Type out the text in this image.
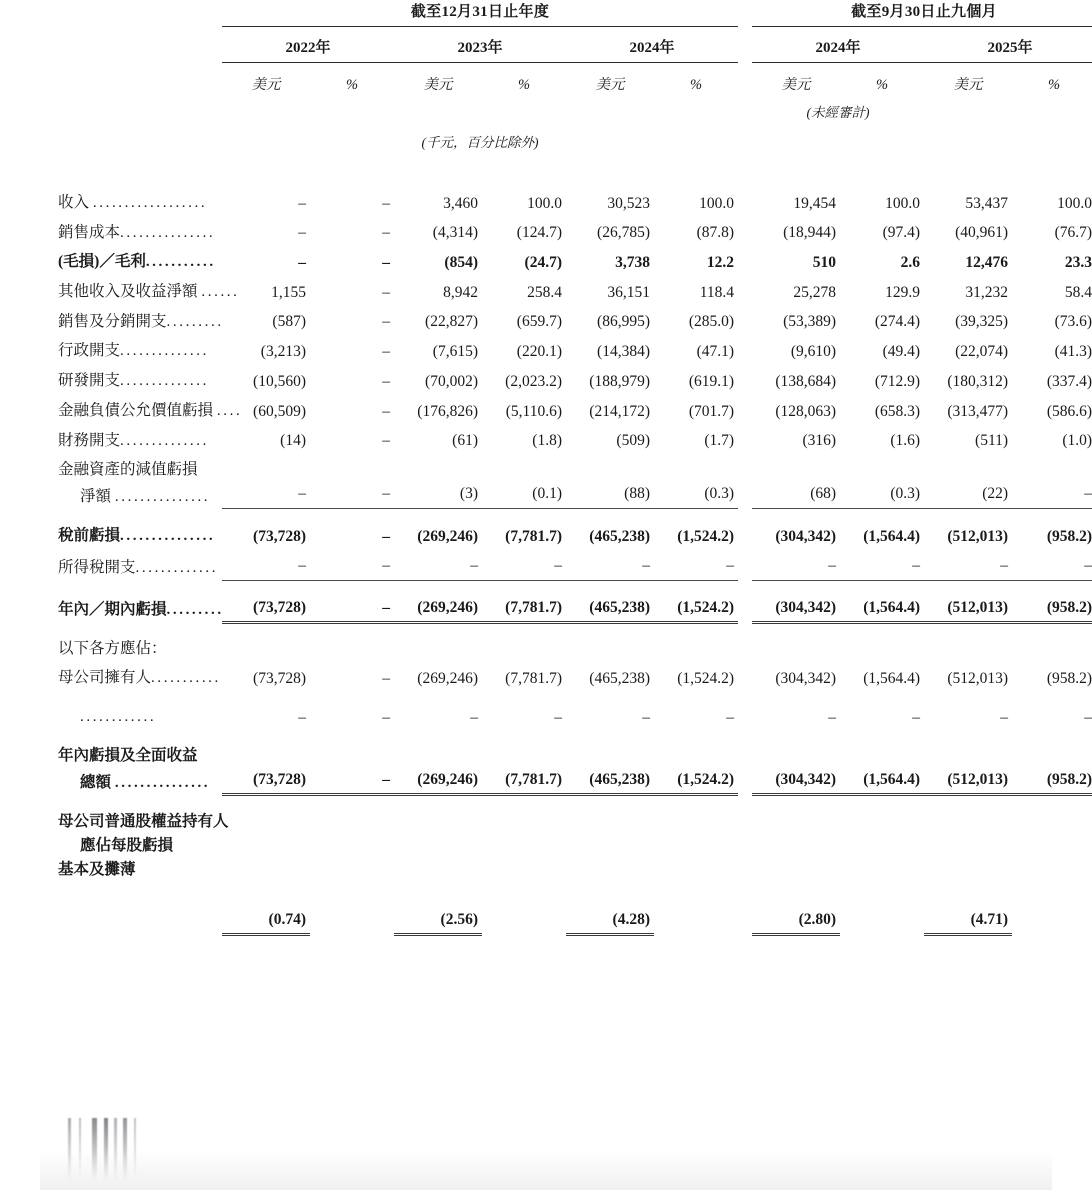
	截至12月31日止年度							截至9月30日止九個月				

	2022年		2023年		2024年			2024年		2025年		

	美元	%	美元	%	美元	%		美元	%	美元	%	
								(未經審計)				
	(千元，百分比除外)											

收入 ..................	–	–	3,460	100.0	30,523	100.0		19,454	100.0	53,437	100.0	
銷售成本...............	–	–	(4,314)	(124.7)	(26,785)	(87.8)		(18,944)	(97.4)	(40,961)	(76.7)	
(毛損)／毛利...........	–	–	(854)	(24.7)	3,738	12.2		510	2.6	12,476	23.3	
其他收入及收益淨額 ......	1,155	–	8,942	258.4	36,151	118.4		25,278	129.9	31,232	58.4	
銷售及分銷開支.........	(587)	–	(22,827)	(659.7)	(86,995)	(285.0)		(53,389)	(274.4)	(39,325)	(73.6)	
行政開支..............	(3,213)	–	(7,615)	(220.1)	(14,384)	(47.1)		(9,610)	(49.4)	(22,074)	(41.3)	
研發開支..............	(10,560)	–	(70,002)	(2,023.2)	(188,979)	(619.1)		(138,684)	(712.9)	(180,312)	(337.4)	
金融負債公允價值虧損 ....	(60,509)	–	(176,826)	(5,110.6)	(214,172)	(701.7)		(128,063)	(658.3)	(313,477)	(586.6)	
財務開支..............	(14)	–	(61)	(1.8)	(509)	(1.7)		(316)	(1.6)	(511)	(1.0)	
金融資產的減值虧損												
淨額 ...............	–	–	(3)	(0.1)	(88)	(0.3)		(68)	(0.3)	(22)	–	
稅前虧損...............	(73,728)	–	(269,246)	(7,781.7)	(465,238)	(1,524.2)		(304,342)	(1,564.4)	(512,013)	(958.2)	
所得稅開支.............	–	–	–	–	–	–		–	–	–	–	
年內／期內虧損.........	(73,728)	–	(269,246)	(7,781.7)	(465,238)	(1,524.2)		(304,342)	(1,564.4)	(512,013)	(958.2)	
以下各方應佔：												
母公司擁有人...........	(73,728)	–	(269,246)	(7,781.7)	(465,238)	(1,524.2)		(304,342)	(1,564.4)	(512,013)	(958.2)	
............	–	–	–	–	–	–		–	–	–	–	
年內虧損及全面收益												
總額 ...............	(73,728)	–	(269,246)	(7,781.7)	(465,238)	(1,524.2)		(304,342)	(1,564.4)	(512,013)	(958.2)	
母公司普通股權益持有人												
應佔每股虧損												
基本及攤薄												
	(0.74)		(2.56)		(4.28)			(2.80)		(4.71)		
